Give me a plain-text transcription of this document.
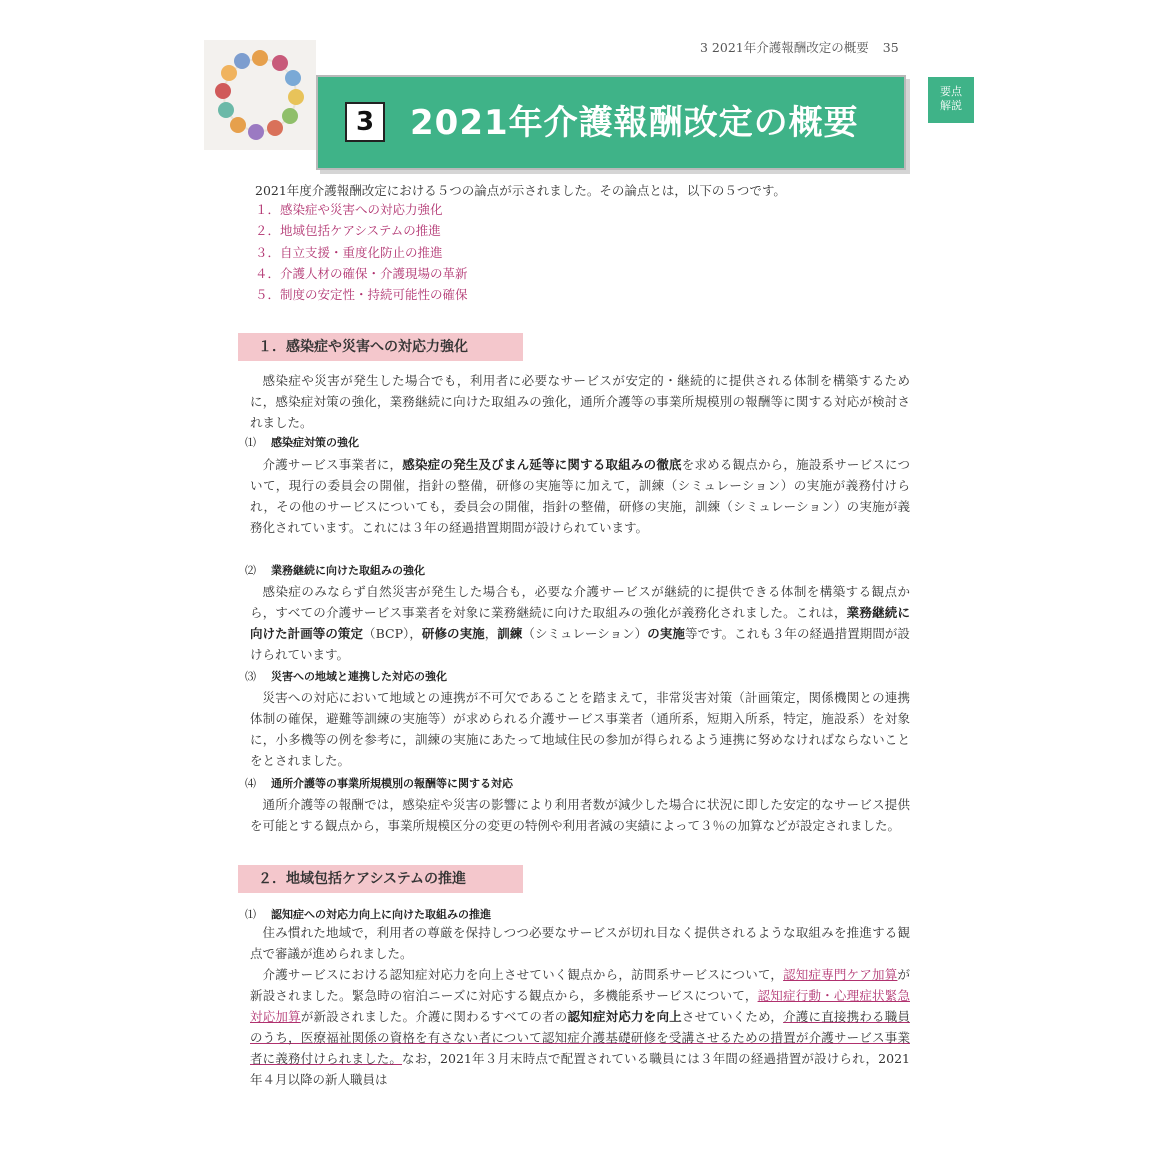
3 2021年介護報酬改定の概要 35
3	2021年介護報酬改定の概要
要点
解説
2021年度介護報酬改定における５つの論点が示されました。その論点とは，以下の５つです。
１．感染症や災害への対応力強化
２．地域包括ケアシステムの推進
３．自立支援・重度化防止の推進
４．介護人材の確保・介護現場の革新
５．制度の安定性・持続可能性の確保
１．感染症や災害への対応力強化

感染症や災害が発生した場合でも，利用者に必要なサービスが安定的・継続的に提供される体制を構築するために，感染症対策の強化，業務継続に向けた取組みの強化，通所介護等の事業所規模別の報酬等に関する対応が検討されました。

⑴ 感染症対策の強化

介護サービス事業者に，感染症の発生及びまん延等に関する取組みの徹底を求める観点から，施設系サービスについて，現行の委員会の開催，指針の整備，研修の実施等に加えて，訓練（シミュレーション）の実施が義務付けられ，その他のサービスについても，委員会の開催，指針の整備，研修の実施，訓練（シミュレーション）の実施が義務化されています。これには３年の経過措置期間が設けられています。

⑵ 業務継続に向けた取組みの強化

感染症のみならず自然災害が発生した場合も，必要な介護サービスが継続的に提供できる体制を構築する観点から，すべての介護サービス事業者を対象に業務継続に向けた取組みの強化が義務化されました。これは，業務継続に向けた計画等の策定（BCP），研修の実施，訓練（シミュレーション）の実施等です。これも３年の経過措置期間が設けられています。

⑶ 災害への地域と連携した対応の強化

災害への対応において地域との連携が不可欠であることを踏まえて，非常災害対策（計画策定，関係機関との連携体制の確保，避難等訓練の実施等）が求められる介護サービス事業者（通所系，短期入所系，特定，施設系）を対象に，小多機等の例を参考に，訓練の実施にあたって地域住民の参加が得られるよう連携に努めなければならないことをとされました。

⑷ 通所介護等の事業所規模別の報酬等に関する対応

通所介護等の報酬では，感染症や災害の影響により利用者数が減少した場合に状況に即した安定的なサービス提供を可能とする観点から，事業所規模区分の変更の特例や利用者減の実績によって３％の加算などが設定されました。

２．地域包括ケアシステムの推進
⑴ 認知症への対応力向上に向けた取組みの推進

住み慣れた地域で，利用者の尊厳を保持しつつ必要なサービスが切れ目なく提供されるような取組みを推進する観点で審議が進められました。

介護サービスにおける認知症対応力を向上させていく観点から，訪問系サービスについて，認知症専門ケア加算が新設されました。緊急時の宿泊ニーズに対応する観点から，多機能系サービスについて，認知症行動・心理症状緊急対応加算が新設されました。介護に関わるすべての者の認知症対応力を向上させていくため，介護に直接携わる職員のうち，医療福祉関係の資格を有さない者について認知症介護基礎研修を受講させるための措置が介護サービス事業者に義務付けられました。なお，2021年３月末時点で配置されている職員には３年間の経過措置が設けられ，2021年４月以降の新人職員は
